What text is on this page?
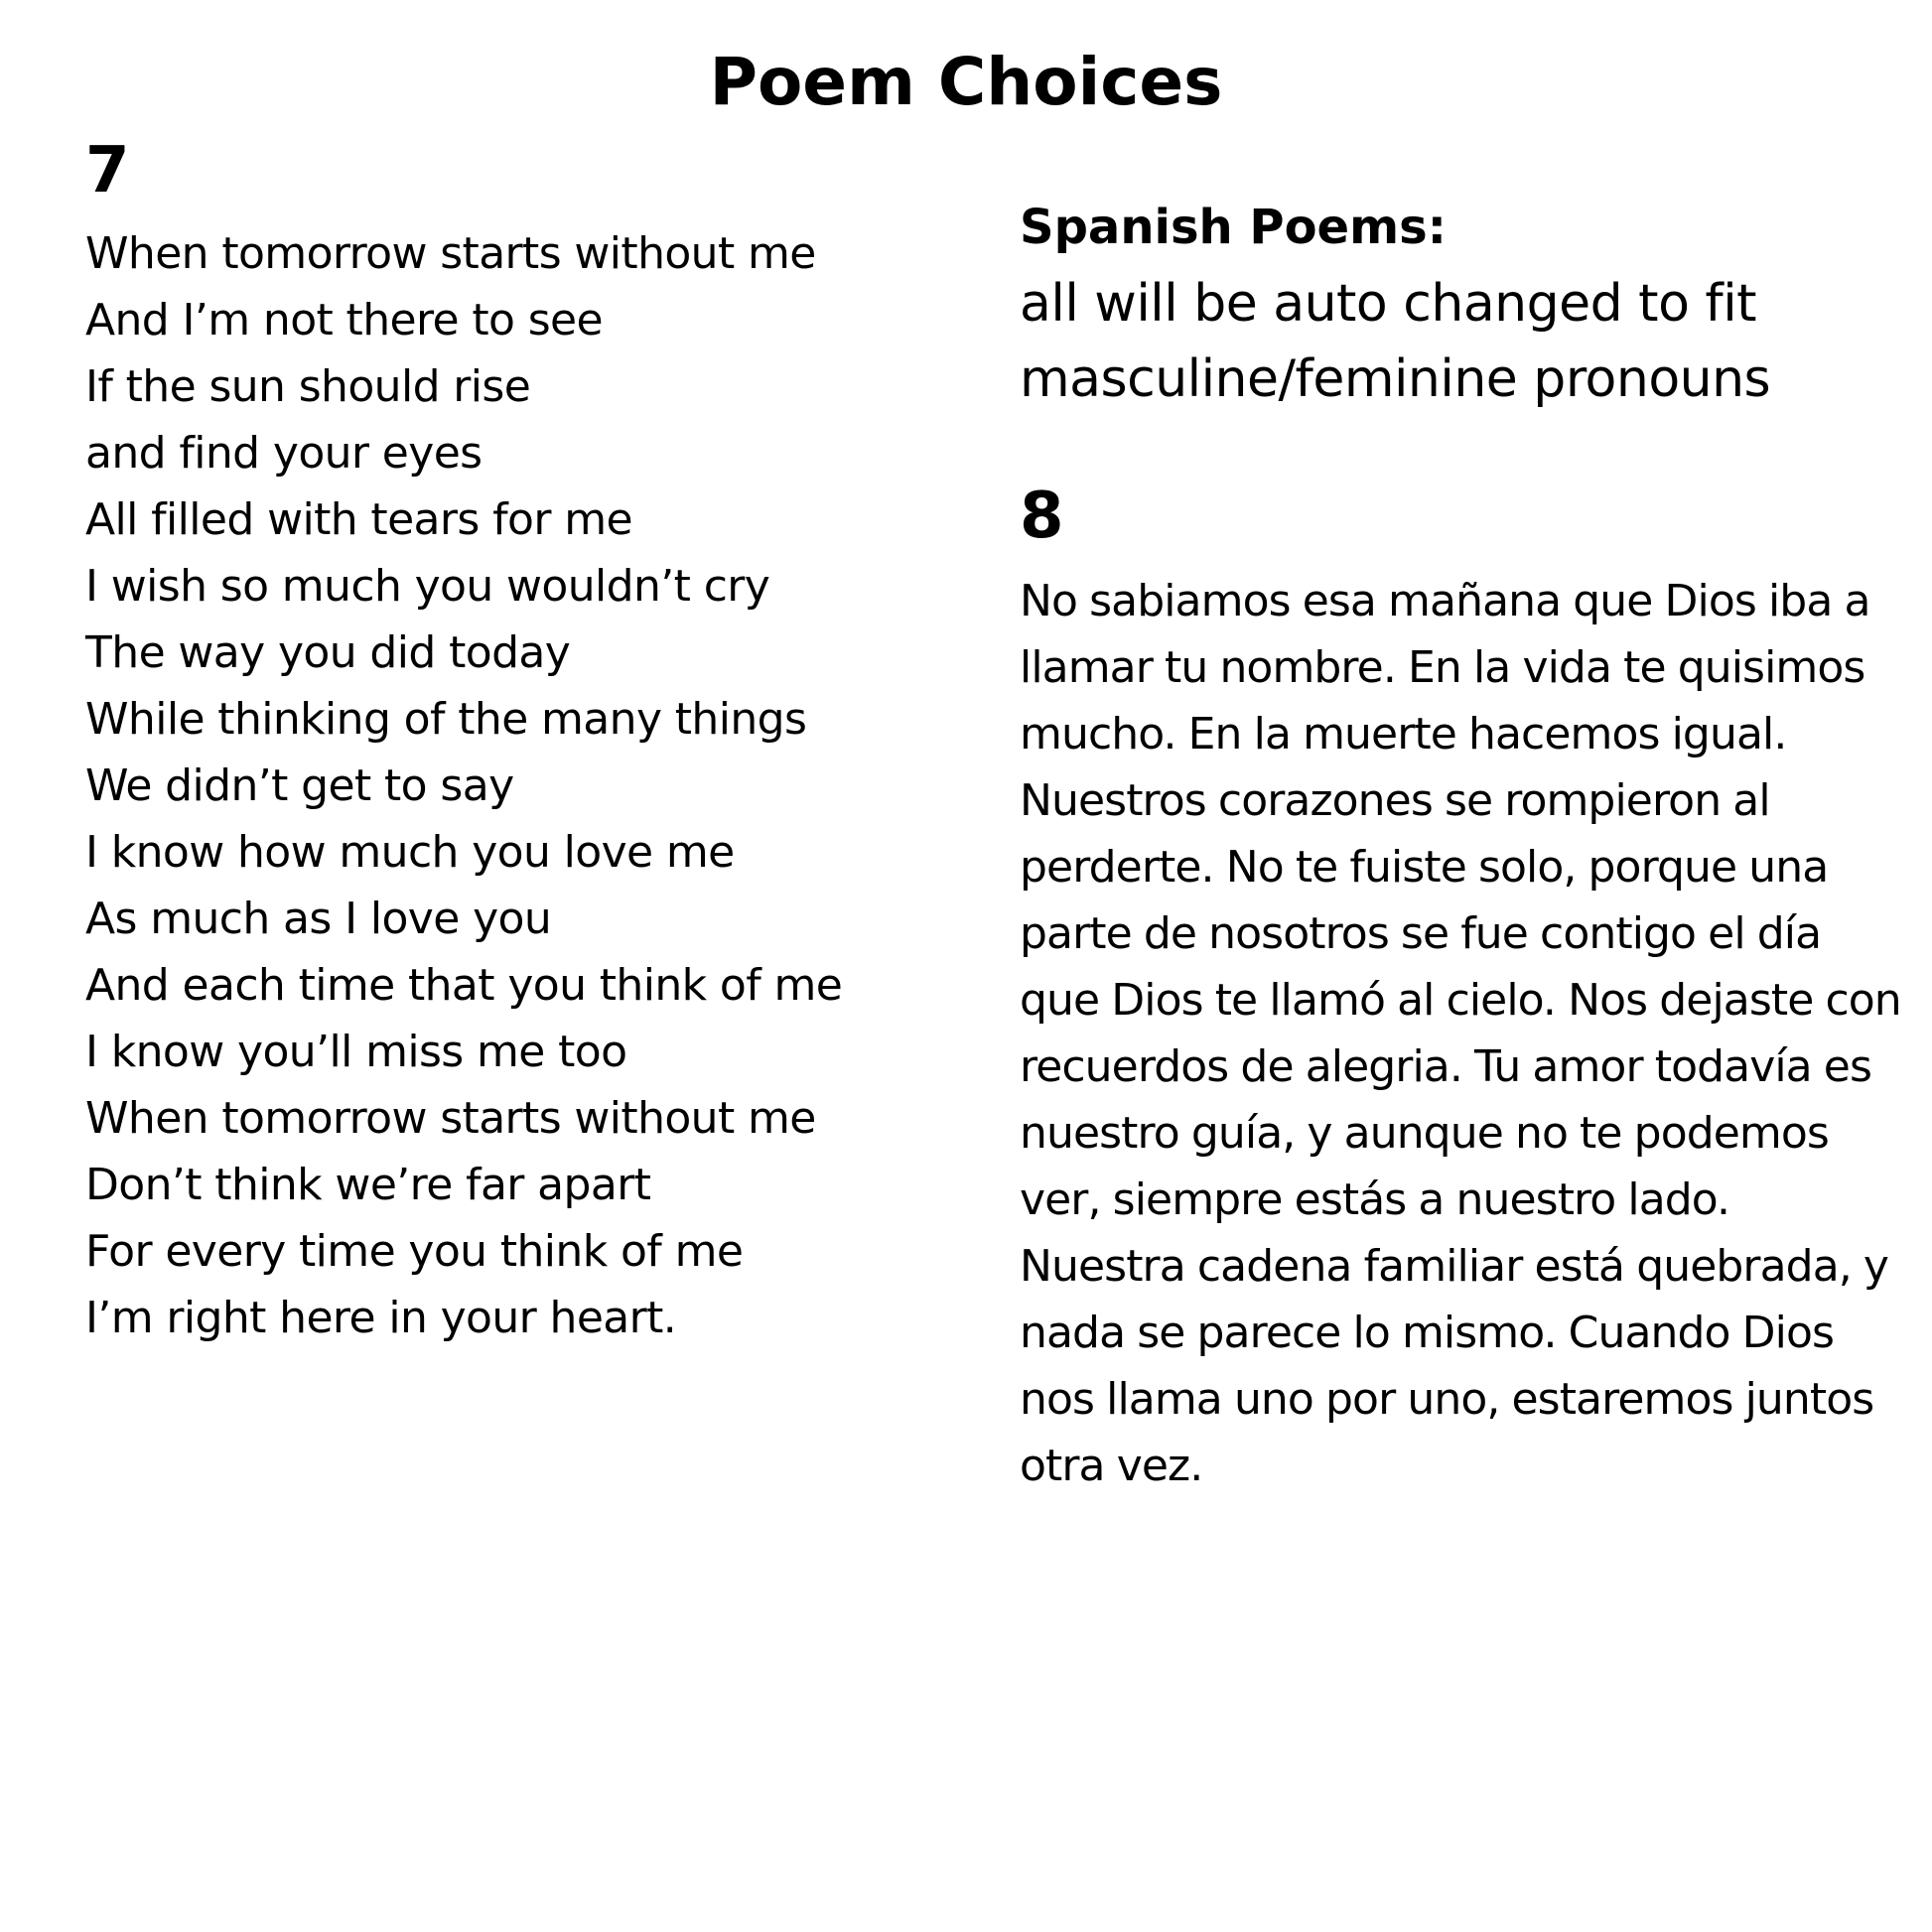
Poem Choices
7
When tomorrow starts without me
And I’m not there to see
If the sun should rise
and find your eyes
All filled with tears for me
I wish so much you wouldn’t cry
The way you did today
While thinking of the many things
We didn’t get to say
I know how much you love me
As much as I love you
And each time that you think of me
I know you’ll miss me too
When tomorrow starts without me
Don’t think we’re far apart
For every time you think of me
I’m right here in your heart.
Spanish Poems:

all will be auto changed to fit masculine/feminine pronouns

8

No sabiamos esa mañana que Dios iba a llamar tu nombre. En la vida te quisimos mucho. En la muerte hacemos igual. Nuestros corazones se rompieron al perderte. No te fuiste solo, porque una parte de nosotros se fue contigo el día que Dios te llamó al cielo. Nos dejaste con recuerdos de alegria. Tu amor todavía es nuestro guía, y aunque no te podemos ver, siempre estás a nuestro lado. Nuestra cadena familiar está quebrada, y nada se parece lo mismo. Cuando Dios nos llama uno por uno, estaremos juntos otra vez.
